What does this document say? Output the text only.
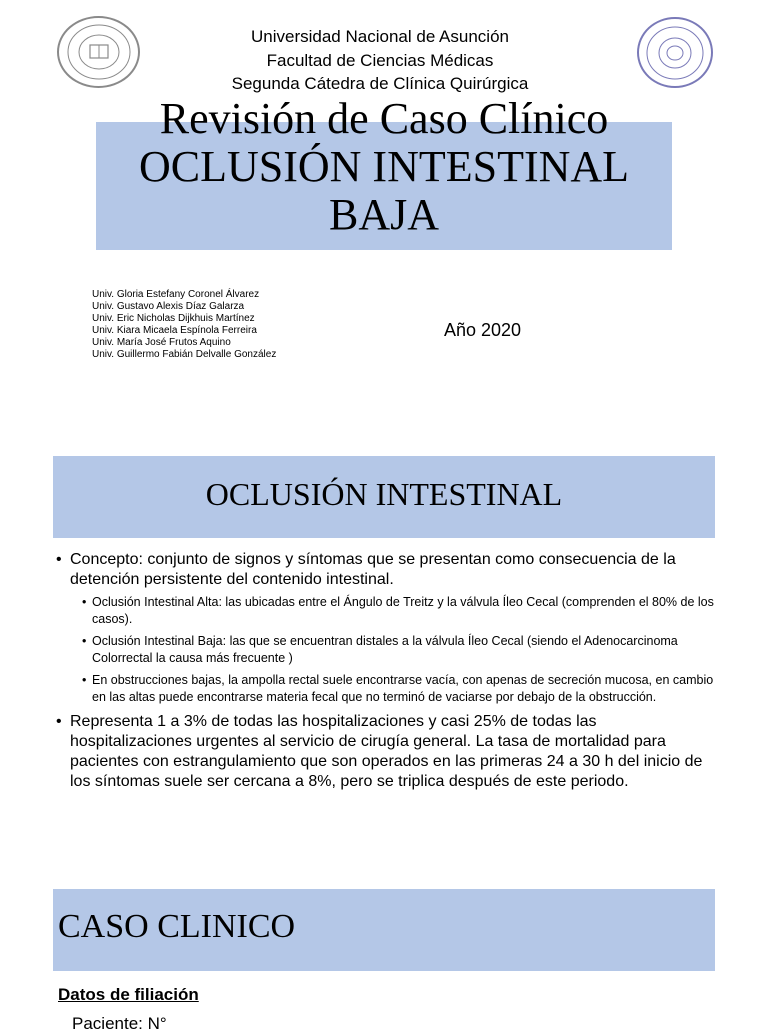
Universidad Nacional de Asunción
Facultad de Ciencias Médicas
Segunda Cátedra de Clínica Quirúrgica
Revisión de Caso Clínico
OCLUSIÓN INTESTINAL
BAJA
Univ. Gloria Estefany Coronel Álvarez
Univ. Gustavo Alexis Díaz Galarza
Univ. Eric Nicholas Dijkhuis Martínez
Univ. Kiara Micaela Espínola Ferreira
Univ. María José Frutos Aquino
Univ. Guillermo Fabián Delvalle González
Año 2020
OCLUSIÓN INTESTINAL
• Concepto: conjunto de signos y síntomas que se presentan como consecuencia de la detención persistente del contenido intestinal.
• Oclusión Intestinal Alta: las ubicadas entre el Ángulo de Treitz y la válvula Íleo Cecal (comprenden el 80% de los casos).
• Oclusión Intestinal Baja: las que se encuentran distales a la válvula Íleo Cecal (siendo el Adenocarcinoma Colorrectal la causa más frecuente )
• En obstrucciones bajas, la ampolla rectal suele encontrarse vacía, con apenas de secreción mucosa, en cambio en las altas puede encontrarse materia fecal que no terminó de vaciarse por debajo de la obstrucción.
• Representa 1 a 3% de todas las hospitalizaciones y casi 25% de todas las hospitalizaciones urgentes al servicio de cirugía general. La tasa de mortalidad para pacientes con estrangulamiento que son operados en las primeras 24 a 30 h del inicio de los síntomas suele ser cercana a 8%, pero se triplica después de este periodo.
CASO CLINICO
Datos de filiación
Paciente: N°
